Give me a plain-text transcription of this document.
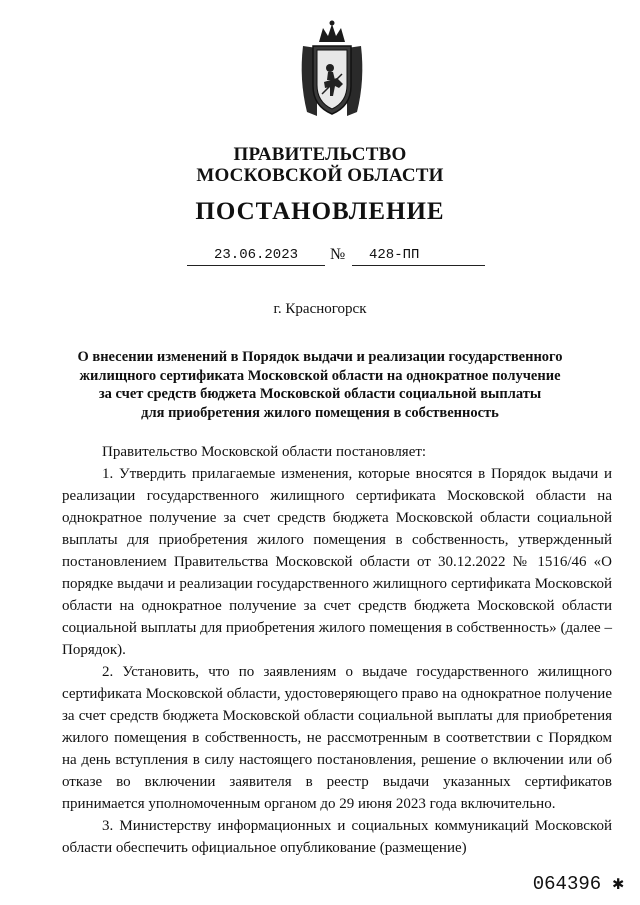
ПРАВИТЕЛЬСТВО
МОСКОВСКОЙ ОБЛАСТИ
ПОСТАНОВЛЕНИЕ
23.06.2023	№	428-ПП
г. Красногорск
О внесении изменений в Порядок выдачи и реализации государственного
жилищного сертификата Московской области на однократное получение
за счет средств бюджета Московской области социальной выплаты
для приобретения жилого помещения в собственность

Правительство Московской области постановляет:

1. Утвердить прилагаемые изменения, которые вносятся в Порядок выдачи и реализации государственного жилищного сертификата Московской области на однократное получение за счет средств бюджета Московской области социальной выплаты для приобретения жилого помещения в собственность, утвержденный постановлением Правительства Московской области от 30.12.2022 № 1516/46 «О порядке выдачи и реализации государственного жилищного сертификата Московской области на однократное получение за счет средств бюджета Московской области социальной выплаты для приобретения жилого помещения в собственность» (далее – Порядок).

2. Установить, что по заявлениям о выдаче государственного жилищного сертификата Московской области, удостоверяющего право на однократное получение за счет средств бюджета Московской области социальной выплаты для приобретения жилого помещения в собственность, не рассмотренным в соответствии с Порядком на день вступления в силу настоящего постановления, решение о включении или об отказе во включении заявителя в реестр выдачи указанных сертификатов принимается уполномоченным органом до 29 июня 2023 года включительно.

3. Министерству информационных и социальных коммуникаций Московской области обеспечить официальное опубликование (размещение)

064396 ✱
